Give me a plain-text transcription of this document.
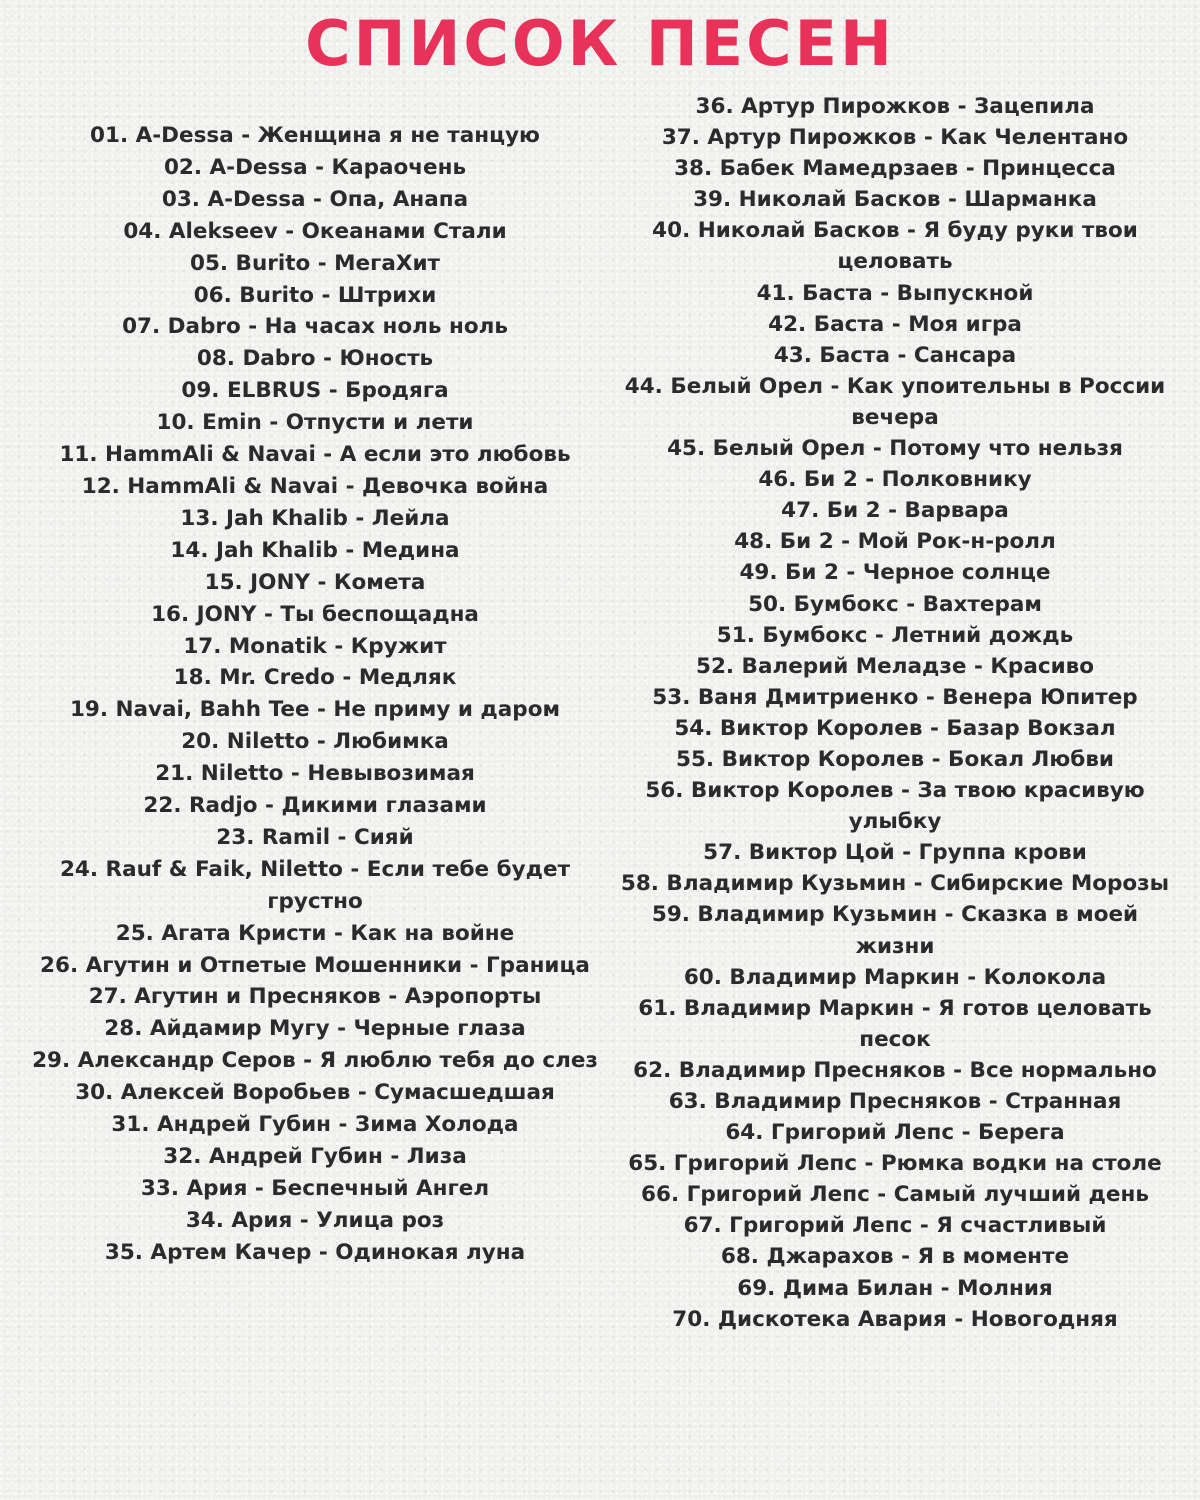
СПИСОК ПЕСЕН
01. A-Dessa - Женщина я не танцую
02. A-Dessa - Караочень
03. A-Dessa - Опа, Анапа
04. Alekseev - Океанами Стали
05. Burito - МегаХит
06. Burito - Штрихи
07. Dabro - На часах ноль ноль
08. Dabro - Юность
09. ELBRUS - Бродяга
10. Emin - Отпусти и лети
11. HammAli & Navai - А если это любовь
12. HammAli & Navai - Девочка война
13. Jah Khalib - Лейла
14. Jah Khalib - Медина
15. JONY - Комета
16. JONY - Ты беспощадна
17. Monatik - Кружит
18. Mr. Credo - Медляк
19. Navai, Bahh Tee - Не приму и даром
20. Niletto - Любимка
21. Niletto - Невывозимая
22. Radjo - Дикими глазами
23. Ramil - Сияй
24. Rauf & Faik, Niletto - Если тебе будет грустно
25. Агата Кристи - Как на войне
26. Агутин и Отпетые Мошенники - Граница
27. Агутин и Пресняков - Аэропорты
28. Айдамир Мугу - Черные глаза
29. Александр Серов - Я люблю тебя до слез
30. Алексей Воробьев - Сумасшедшая
31. Андрей Губин - Зима Холода
32. Андрей Губин - Лиза
33. Ария - Беспечный Ангел
34. Ария - Улица роз
35. Артем Качер - Одинокая луна
36. Артур Пирожков - Зацепила
37. Артур Пирожков - Как Челентано
38. Бабек Мамедрзаев - Принцесса
39. Николай Басков - Шарманка
40. Николай Басков - Я буду руки твои целовать
41. Баста - Выпускной
42. Баста - Моя игра
43. Баста - Сансара
44. Белый Орел - Как упоительны в России вечера
45. Белый Орел - Потому что нельзя
46. Би 2 - Полковнику
47. Би 2 - Варвара
48. Би 2 - Мой Рок-н-ролл
49. Би 2 - Черное солнце
50. Бумбокс - Вахтерам
51. Бумбокс - Летний дождь
52. Валерий Меладзе - Красиво
53. Ваня Дмитриенко - Венера Юпитер
54. Виктор Королев - Базар Вокзал
55. Виктор Королев - Бокал Любви
56. Виктор Королев - За твою красивую улыбку
57. Виктор Цой - Группа крови
58. Владимир Кузьмин - Сибирские Морозы
59. Владимир Кузьмин - Сказка в моей жизни
60. Владимир Маркин - Колокола
61. Владимир Маркин - Я готов целовать песок
62. Владимир Пресняков - Все нормально
63. Владимир Пресняков - Странная
64. Григорий Лепс - Берега
65. Григорий Лепс - Рюмка водки на столе
66. Григорий Лепс - Самый лучший день
67. Григорий Лепс - Я счастливый
68. Джарахов - Я в моменте
69. Дима Билан - Молния
70. Дискотека Авария - Новогодняя
